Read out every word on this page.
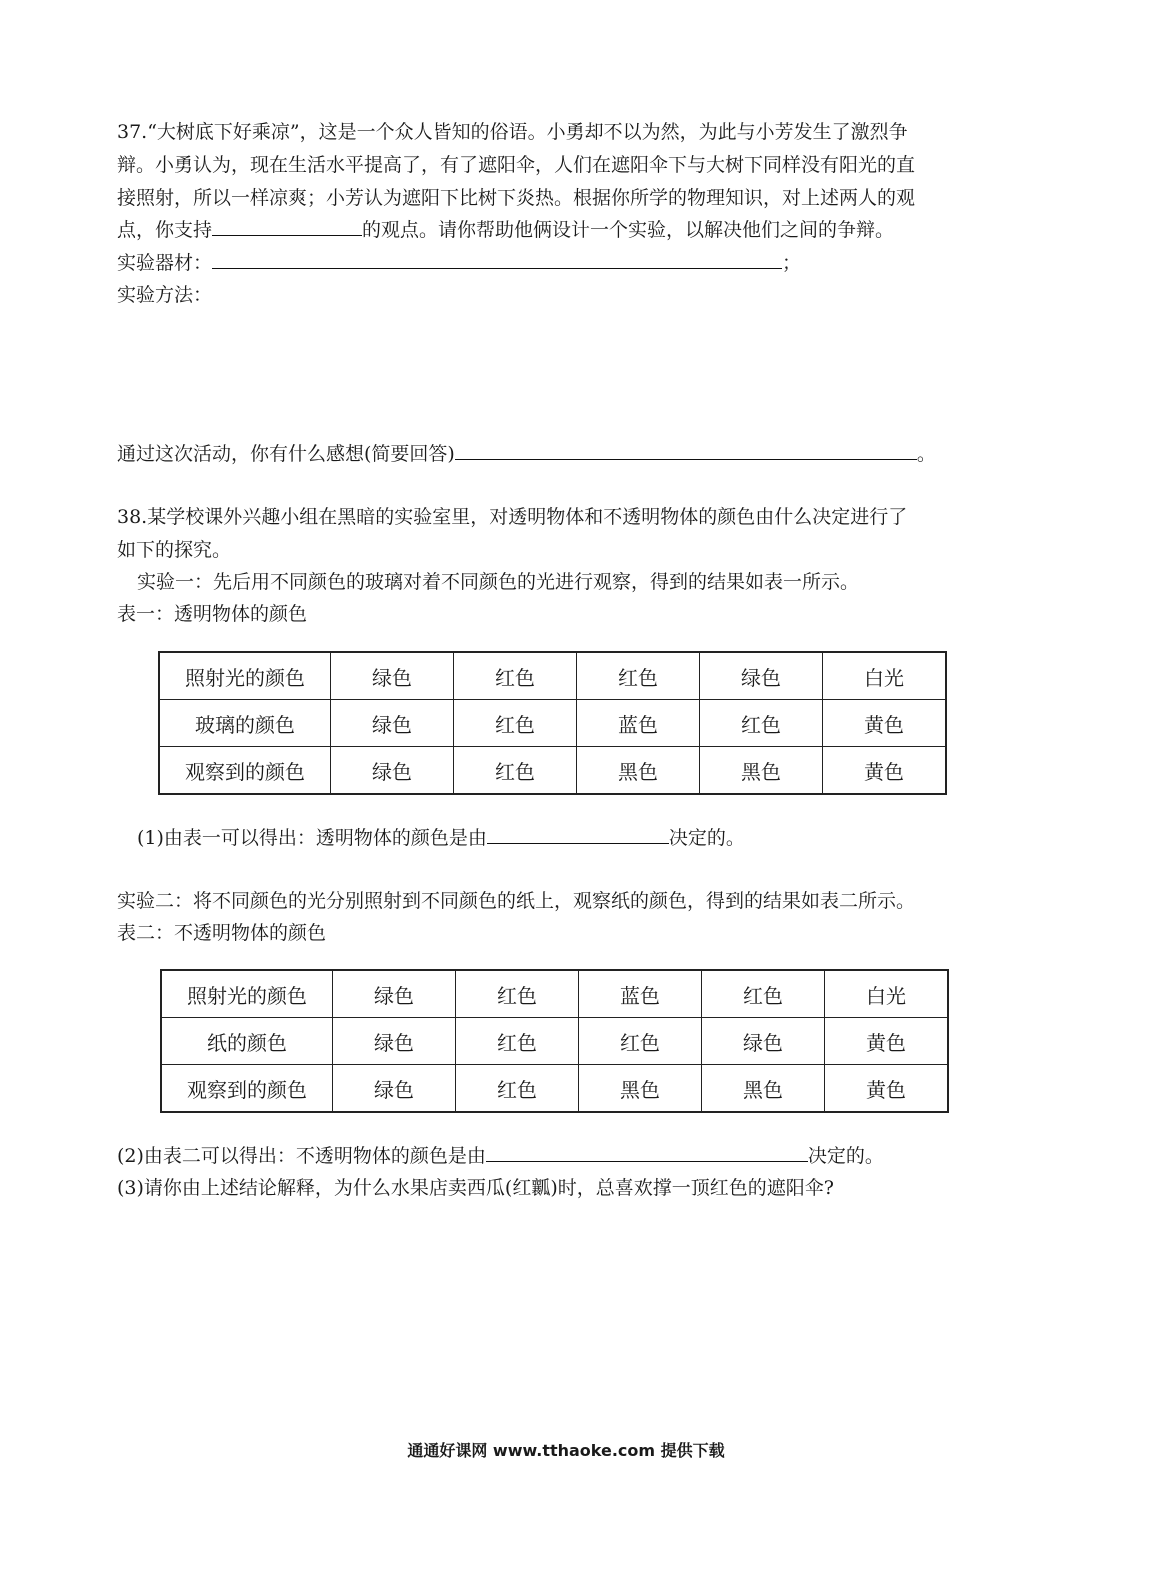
37.“大树底下好乘凉”，这是一个众人皆知的俗语。小勇却不以为然，为此与小芳发生了激烈争
辩。小勇认为，现在生活水平提高了，有了遮阳伞，人们在遮阳伞下与大树下同样没有阳光的直
接照射，所以一样凉爽；小芳认为遮阳下比树下炎热。根据你所学的物理知识，对上述两人的观
点，你支持	的观点。请你帮助他俩设计一个实验，以解决他们之间的争辩。
实验器材：	；
实验方法：
通过这次活动，你有什么感想(简要回答)	。
38.某学校课外兴趣小组在黑暗的实验室里，对透明物体和不透明物体的颜色由什么决定进行了
如下的探究。
实验一：先后用不同颜色的玻璃对着不同颜色的光进行观察，得到的结果如表一所示。
表一：透明物体的颜色
照射光的颜色	绿色	红色	红色	绿色	白光
玻璃的颜色	绿色	红色	蓝色	红色	黄色
观察到的颜色	绿色	红色	黑色	黑色	黄色
(1)由表一可以得出：透明物体的颜色是由	决定的。
实验二：将不同颜色的光分别照射到不同颜色的纸上，观察纸的颜色，得到的结果如表二所示。
表二：不透明物体的颜色
照射光的颜色	绿色	红色	蓝色	红色	白光
纸的颜色	绿色	红色	红色	绿色	黄色
观察到的颜色	绿色	红色	黑色	黑色	黄色
(2)由表二可以得出：不透明物体的颜色是由	决定的。
(3)请你由上述结论解释，为什么水果店卖西瓜(红瓤)时，总喜欢撑一顶红色的遮阳伞?
通通好课网 www.tthaoke.com 提供下载
